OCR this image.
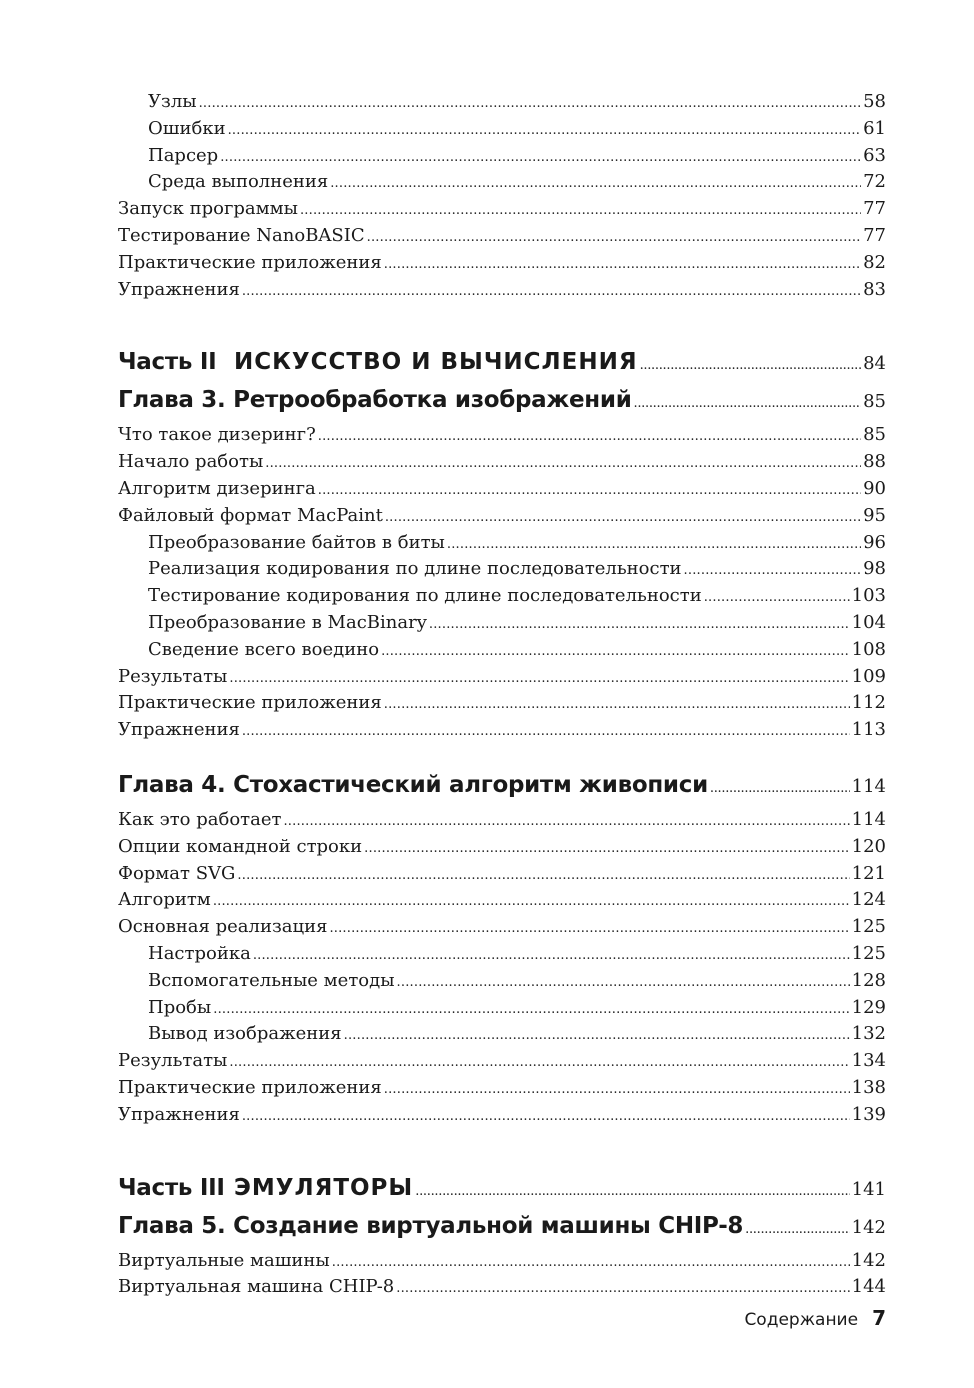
Узлы .....	58
Ошибки .....	61
Парсер .....	63
Среда выполнения .....	72
Запуск программы .....	77
Тестирование NanoBASIC .....	77
Практические приложения .....	82
Упражнения .....	83
Часть II ИСКУССТВО И ВЫЧИСЛЕНИЯ .....	84
Глава 3. Ретрообработка изображений .....	85
Что такое дизеринг? .....	85
Начало работы .....	88
Алгоритм дизеринга .....	90
Файловый формат MacPaint .....	95
Преобразование байтов в биты .....	96
Реализация кодирования по длине последовательности .....	98
Тестирование кодирования по длине последовательности .....	103
Преобразование в MacBinary .....	104
Сведение всего воедино .....	108
Результаты .....	109
Практические приложения .....	112
Упражнения .....	113
Глава 4. Стохастический алгоритм живописи .....	114
Как это работает .....	114
Опции командной строки .....	120
Формат SVG .....	121
Алгоритм .....	124
Основная реализация .....	125
Настройка .....	125
Вспомогательные методы .....	128
Пробы .....	129
Вывод изображения .....	132
Результаты .....	134
Практические приложения .....	138
Упражнения .....	139
Часть III ЭМУЛЯТОРЫ .....	141
Глава 5. Создание виртуальной машины CHIP-8 .....	142
Виртуальные машины .....	142
Виртуальная машина CHIP-8 .....	144
Содержание 7
